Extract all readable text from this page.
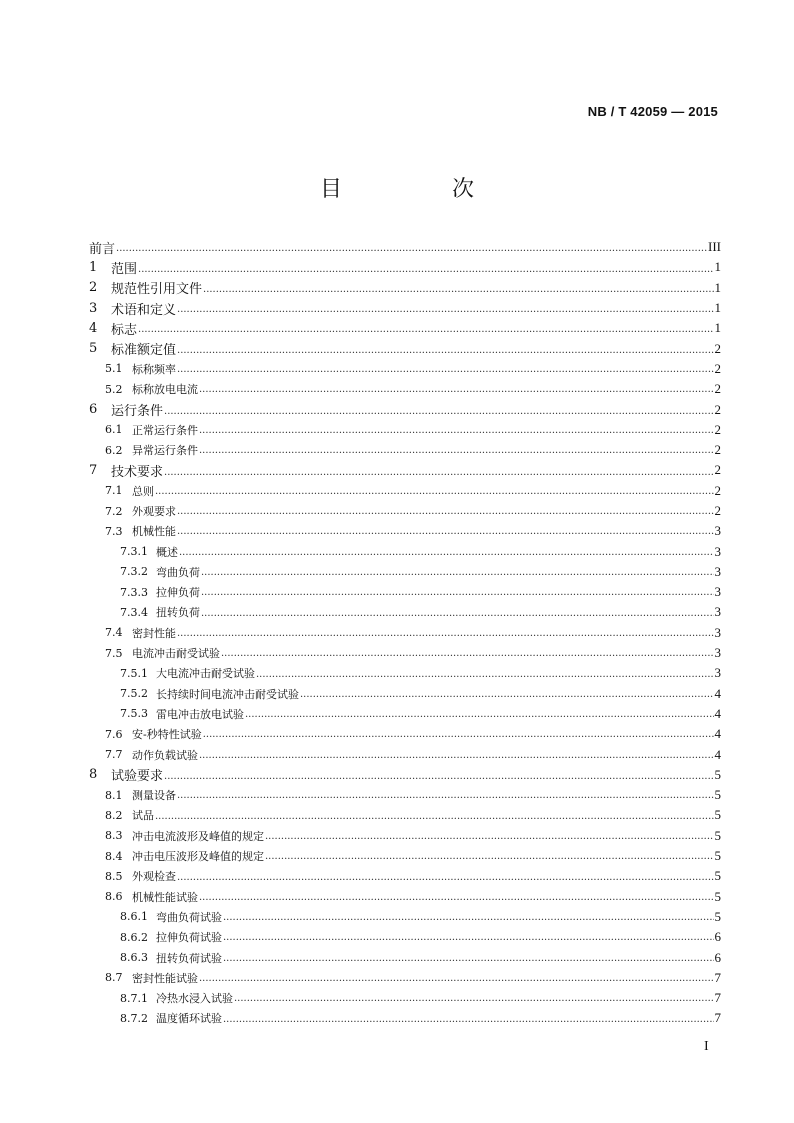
NB / T 42059 — 2015
目　次
前言 ·····	III
1	范围 ·····	1
2	规范性引用文件 ·····	1
3	术语和定义 ·····	1
4	标志 ·····	1
5	标准额定值 ·····	2
5.1 标称频率 ·····	2
5.2 标称放电电流 ·····	2
6	运行条件 ·····	2
6.1 正常运行条件 ·····	2
6.2 异常运行条件 ·····	2
7	技术要求 ·····	2
7.1 总则 ·····	2
7.2 外观要求 ·····	2
7.3 机械性能 ·····	3
7.3.1 概述 ·····	3
7.3.2 弯曲负荷 ·····	3
7.3.3 拉伸负荷 ·····	3
7.3.4 扭转负荷 ·····	3
7.4 密封性能 ·····	3
7.5 电流冲击耐受试验 ·····	3
7.5.1 大电流冲击耐受试验 ·····	3
7.5.2 长持续时间电流冲击耐受试验 ·····	4
7.5.3 雷电冲击放电试验 ·····	4
7.6 安-秒特性试验 ·····	4
7.7 动作负载试验 ·····	4
8	试验要求 ·····	5
8.1 测量设备 ·····	5
8.2 试品 ·····	5
8.3 冲击电流波形及峰值的规定 ·····	5
8.4 冲击电压波形及峰值的规定 ·····	5
8.5 外观检查 ·····	5
8.6 机械性能试验 ·····	5
8.6.1 弯曲负荷试验 ·····	5
8.6.2 拉伸负荷试验 ·····	6
8.6.3 扭转负荷试验 ·····	6
8.7 密封性能试验 ·····	7
8.7.1 冷热水浸入试验 ·····	7
8.7.2 温度循环试验 ·····	7
I
